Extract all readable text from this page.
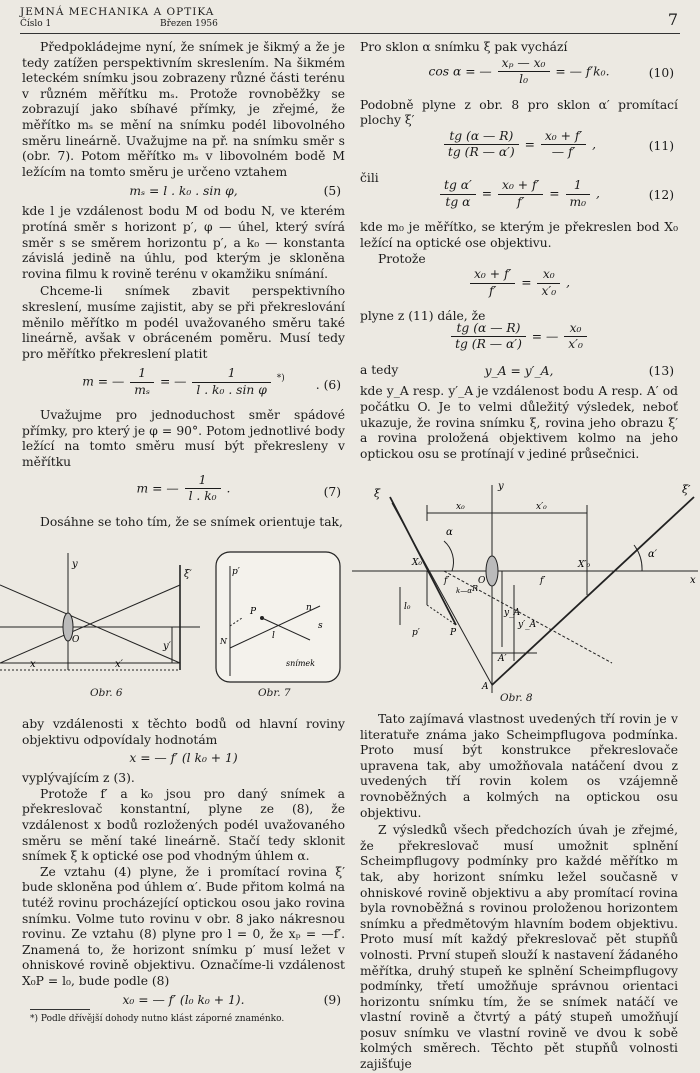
JEMNÁ MECHANIKA A OPTIKA
Číslo 1	Březen 1956	7

Předpokládejme nyní, že snímek je šikmý a že je tedy zatížen perspektivním skreslením. Na šikmém leteckém snímku jsou zobrazeny různé části terénu v různém měřítku mₛ. Protože rovnoběžky se zobrazují jako sbíhavé přímky, je zřejmé, že měřítko mₛ se mění na snímku podél libovolného směru lineárně. Uvažujme na př. na snímku směr s (obr. 7). Potom měřítko mₛ v libovolném bodě M ležícím na tomto směru je určeno vztahem

mₛ = l . k₀ . sin φ,	(5)

kde l je vzdálenost bodu M od bodu N, ve kterém protíná směr s horizont p′, φ — úhel, který svírá směr s se směrem horizontu p′, a k₀ — konstanta závislá jedině na úhlu, pod kterým je skloněna rovina filmu k rovině terénu v okamžiku snímání.

Chceme-li snímek zbavit perspektivního skreslení, musíme zajistit, aby se při překreslování měnilo měřítko m podél uvažovaného směru také lineárně, avšak v obráceném poměru. Musí tedy pro měřítko překreslení platit

m = — $\frac{1}{\text{mₛ}}$ = — $\frac{1}{\text{l . k₀ . sin φ}} ^{*)}$	. (6)

Uvažujme pro jednoduchost směr spádové přímky, pro který je φ = 90°. Potom jednotlivé body ležící na tomto směru musí být překresleny v měřítku

m = — $\frac{1}{\text{l . k₀}}$ .	(7)

Dosáhne se toho tím, že se snímek orientuje tak,

y
ξ′
O
x	x′
y′
Obr. 6
p′
P	n
l
s
N
snímek
Obr. 7

aby vzdálenosti x těchto bodů od hlavní roviny objektivu odpovídaly hodnotám

x = — f′ (l k₀ + 1)

vyplývajícím z (3).

Protože f′ a k₀ jsou pro daný snímek a překreslovač konstantní, plyne ze (8), že vzdálenost x bodů rozložených podél uvažovaného směru se mění také lineárně. Stačí tedy sklonit snímek ξ k optické ose pod vhodným úhlem α.

Ze vztahu (4) plyne, že i promítací rovina ξ′ bude skloněna pod úhlem α′. Bude přitom kolmá na tutéž rovinu procházející optickou osou jako rovina snímku. Volme tuto rovinu v obr. 8 jako nákresnou rovinu. Ze vztahu (8) plyne pro l = 0, že xₚ = —f′. Znamená to, že horizont snímku p′ musí ležet v ohniskové rovině objektivu. Označíme-li vzdálenost X₀P = l₀, bude podle (8)

x₀ = — f′ (l₀ k₀ + 1).	(9)
*) Podle dřívější dohody nutno klást záporné znaménko.

Pro sklon α snímku ξ pak vychází

cos α = — $\frac{\text{xₚ — x₀}}{\text{l₀}}$ = — f′k₀.	(10)

Podobně plyne z obr. 8 pro sklon α′ promítací plochy ξ′

$\frac{tg (\alpha — R)}{tg (R — \alpha')} = \frac{\text{x₀ + f′}}{— f'}$ ,	(11)

čili

$\frac{\text{tg α′}}{\text{tg α}} = \frac{\text{x₀ + f′}}{f'} = \frac{1}{\text{m₀}}$ ,	(12)

kde m₀ je měřítko, se kterým je překreslen bod X₀ ležící na optické ose objektivu.

Protože

$\frac{\text{x₀ + f′}}{f'} = \frac{\text{x₀}}{\text{x′₀}}$ ,

plyne z (11) dále, že

$\frac{tg (\alpha — R)}{tg (R — \alpha')}$ = — $\frac{\text{x₀}}{\text{x′₀}}$

a tedy	y_A = y′_A,	(13)

kde y_A resp. y′_A je vzdálenost bodu A resp. A′ od počátku O. Je to velmi důležitý výsledek, neboť ukazuje, že rovina snímku ξ, rovina jeho obrazu ξ′ a rovina proložená objektivem kolmo na jeho optickou osu se protínají v jediné průsečnici.

ξ	ξ′
y
x
x₀	x′₀
α
α′
X₀	X′₀
f′	f′
l₀
p′	P
O
y_A
y′_A
A
A′
R
k—α
Obr. 8

Tato zajímavá vlastnost uvedených tří rovin je v literatuře známa jako Scheimpflugova podmínka. Proto musí být konstrukce překreslovače upravena tak, aby umožňovala natáčení dvou z uvedených tří rovin kolem os vzájemně rovnoběžných a kolmých na optickou osu objektivu.

Z výsledků všech předchozích úvah je zřejmé, že překreslovač musí umožnit splnění Scheimpflugovy podmínky pro každé měřítko m tak, aby horizont snímku ležel současně v ohniskové rovině objektivu a aby promítací rovina byla rovnoběžná s rovinou proloženou horizontem snímku a předmětovým hlavním bodem objektivu. Proto musí mít každý překreslovač pět stupňů volnosti. První stupeň slouží k nastavení žádaného měřítka, druhý stupeň ke splnění Scheimpflugovy podmínky, třetí umožňuje správnou orientaci horizontu snímku tím, že se snímek natáčí ve vlastní rovině a čtvrtý a pátý stupeň umožňují posuv snímku ve vlastní rovině ve dvou k sobě kolmých směrech. Těchto pět stupňů volnosti zajišťuje
